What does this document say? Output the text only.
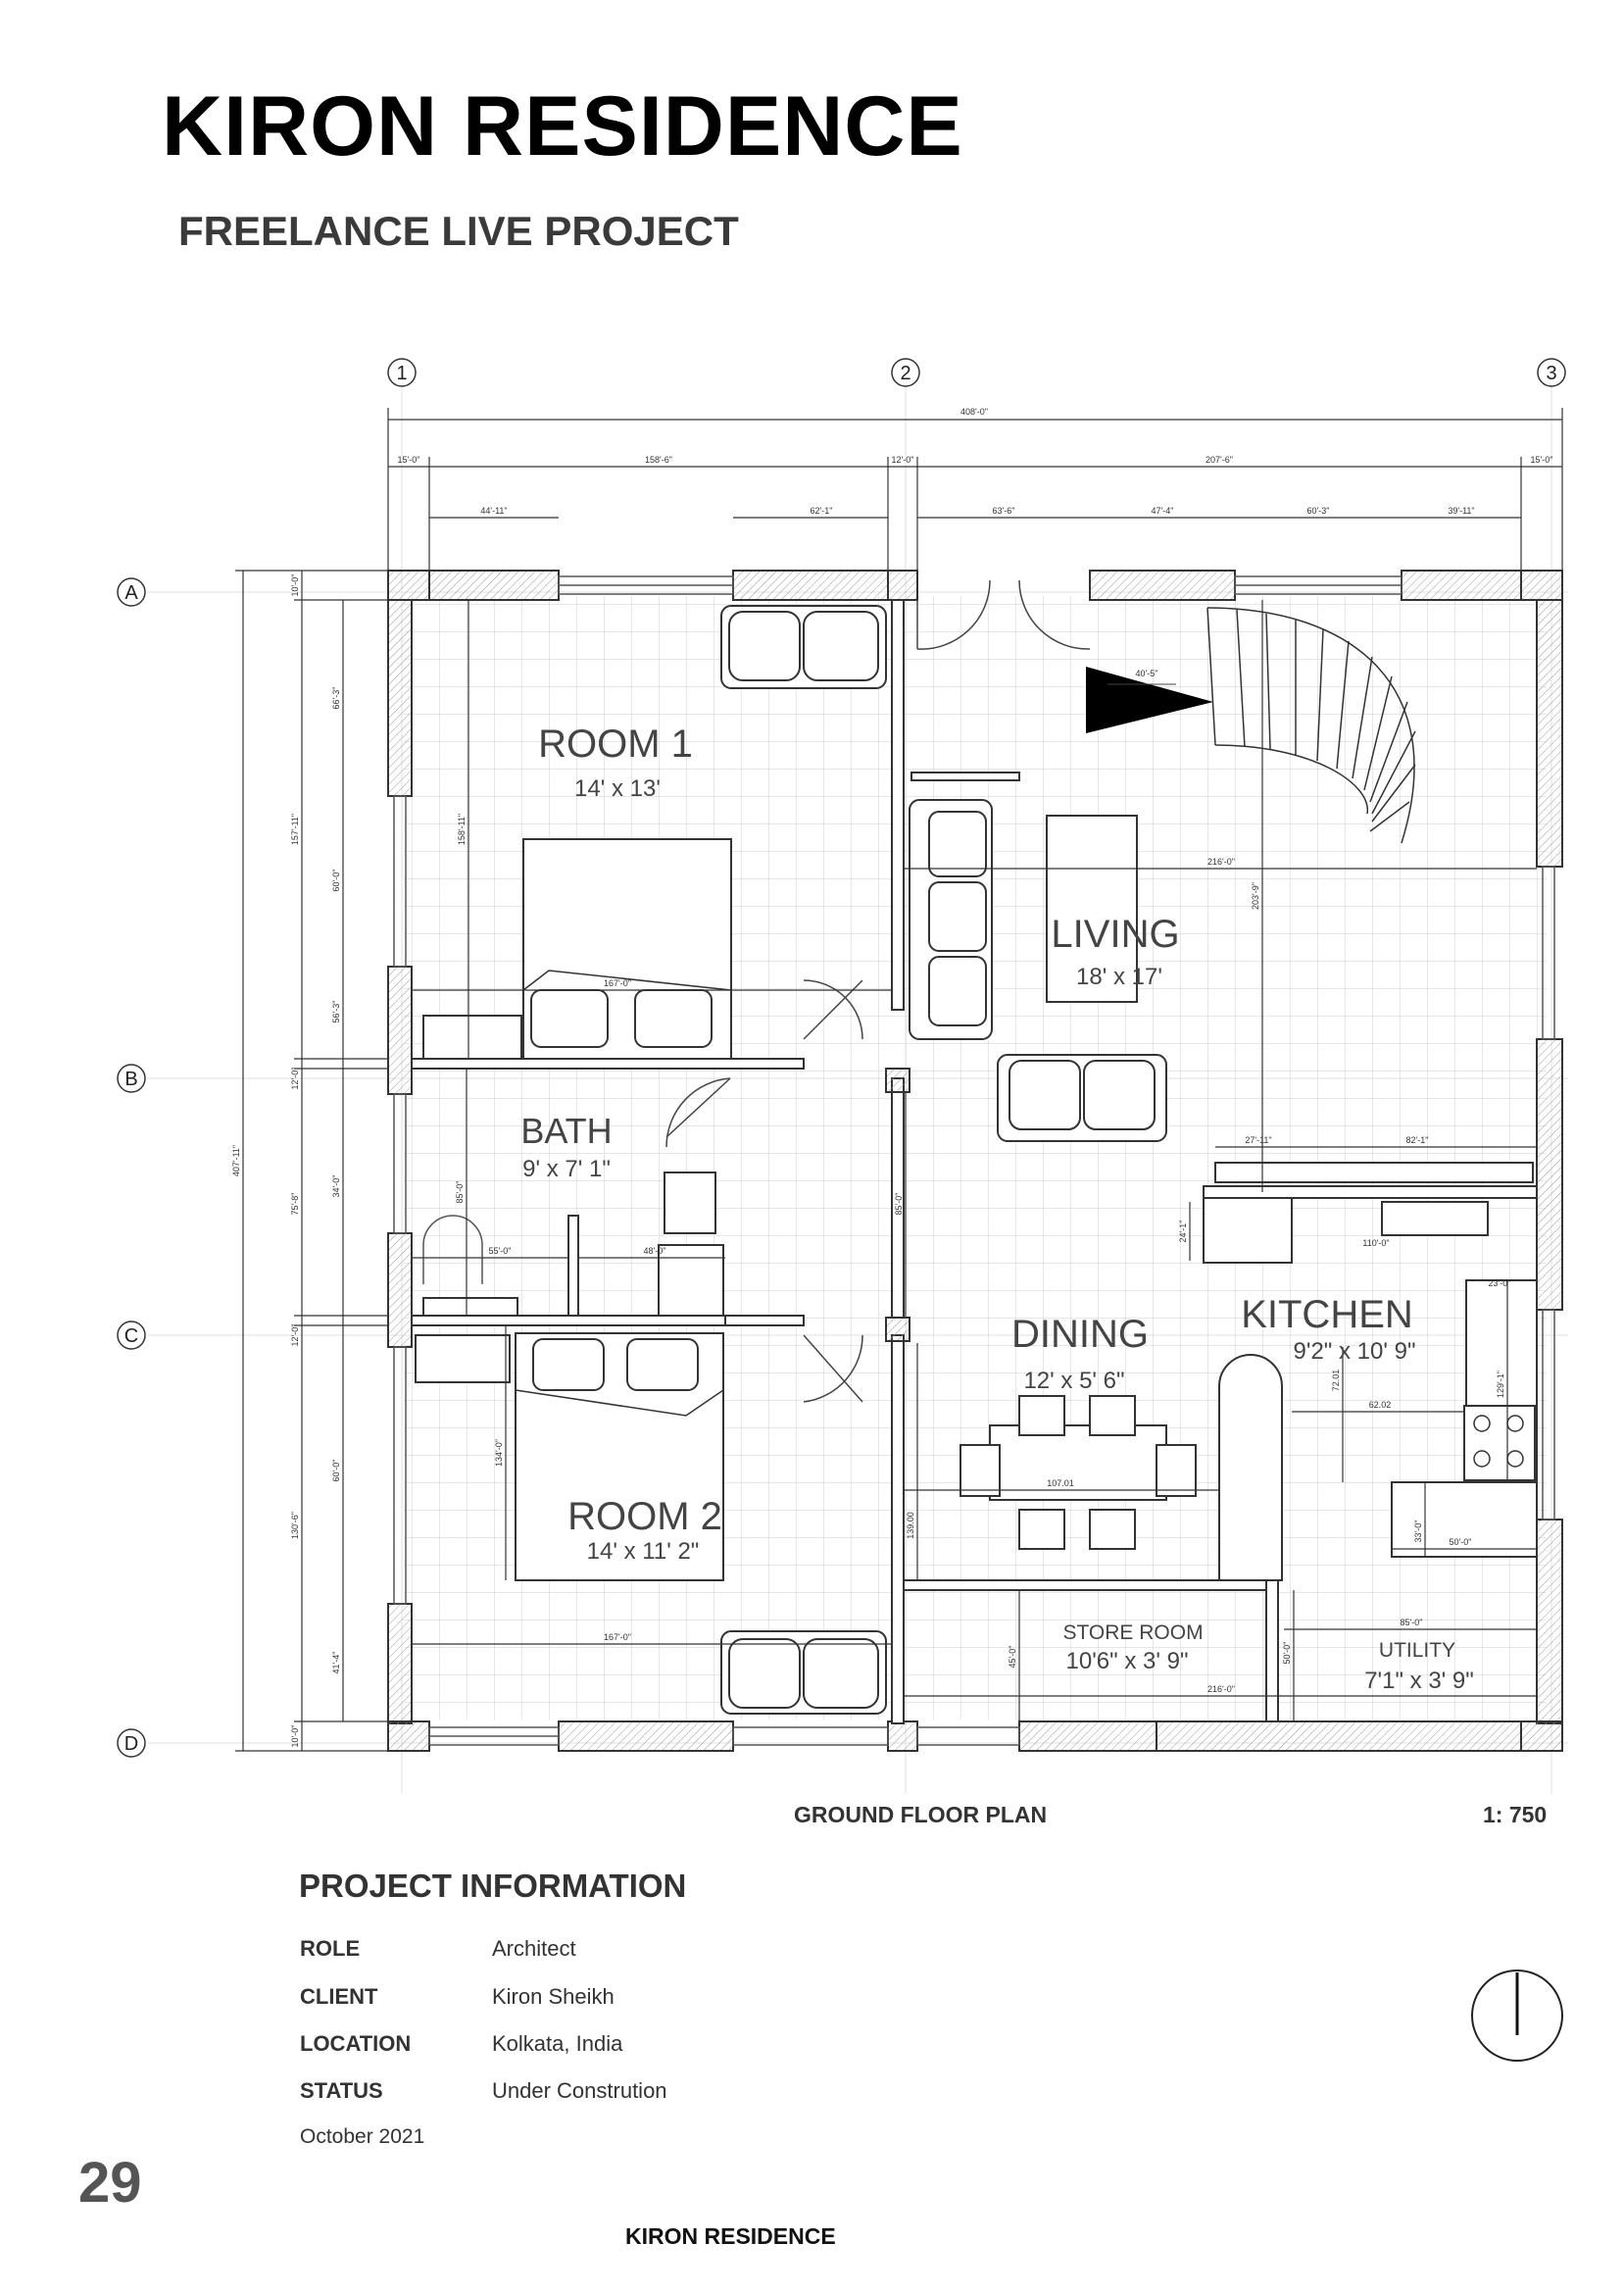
KIRON RESIDENCE
FREELANCE LIVE PROJECT
1	2	3
A
B
C
D
ROOM 1
14' x 13'
LIVING
18' x 17'
BATH
9' x 7' 1"
DINING
12' x 5' 6"
KITCHEN
9'2" x 10' 9"
ROOM 2
14' x 11' 2"
STORE ROOM
10'6" x 3' 9"	UTILITY
7'1" x 3' 9"
408'-0"
15'-0"	158'-6"	12'-0"	207'-6"	15'-0"
44'-11"	62'-1"	63'-6"	47'-4"	60'-3"	39'-11"
167'-0"
55'-0"	48'-0"
167'-0"
40'-5"
216'-0"
27'-11"	82'-1"
110'-0"
23'-0"
62.02
107.01
50'-0"
85'-0"
216'-0"
407'-11"
10'-0"
157'-11"
12'-0"
75'-8"
12'-0"
130'-6"
10'-0"
66'-3"
60'-0"
56'-3"
34'-0"
60'-0"
41'-4"
158'-11"
85'-0"
85'-0"
134'-0"
203'-9"
24'-1"
72.01	129'-1"
139.00	33'-0"
45'-0"	50'-0"
GROUND FLOOR PLAN	1: 750
PROJECT INFORMATION
ROLE	Architect
CLIENT	Kiron Sheikh
LOCATION	Kolkata, India
STATUS	Under Constrution
October 2021
29
KIRON RESIDENCE
